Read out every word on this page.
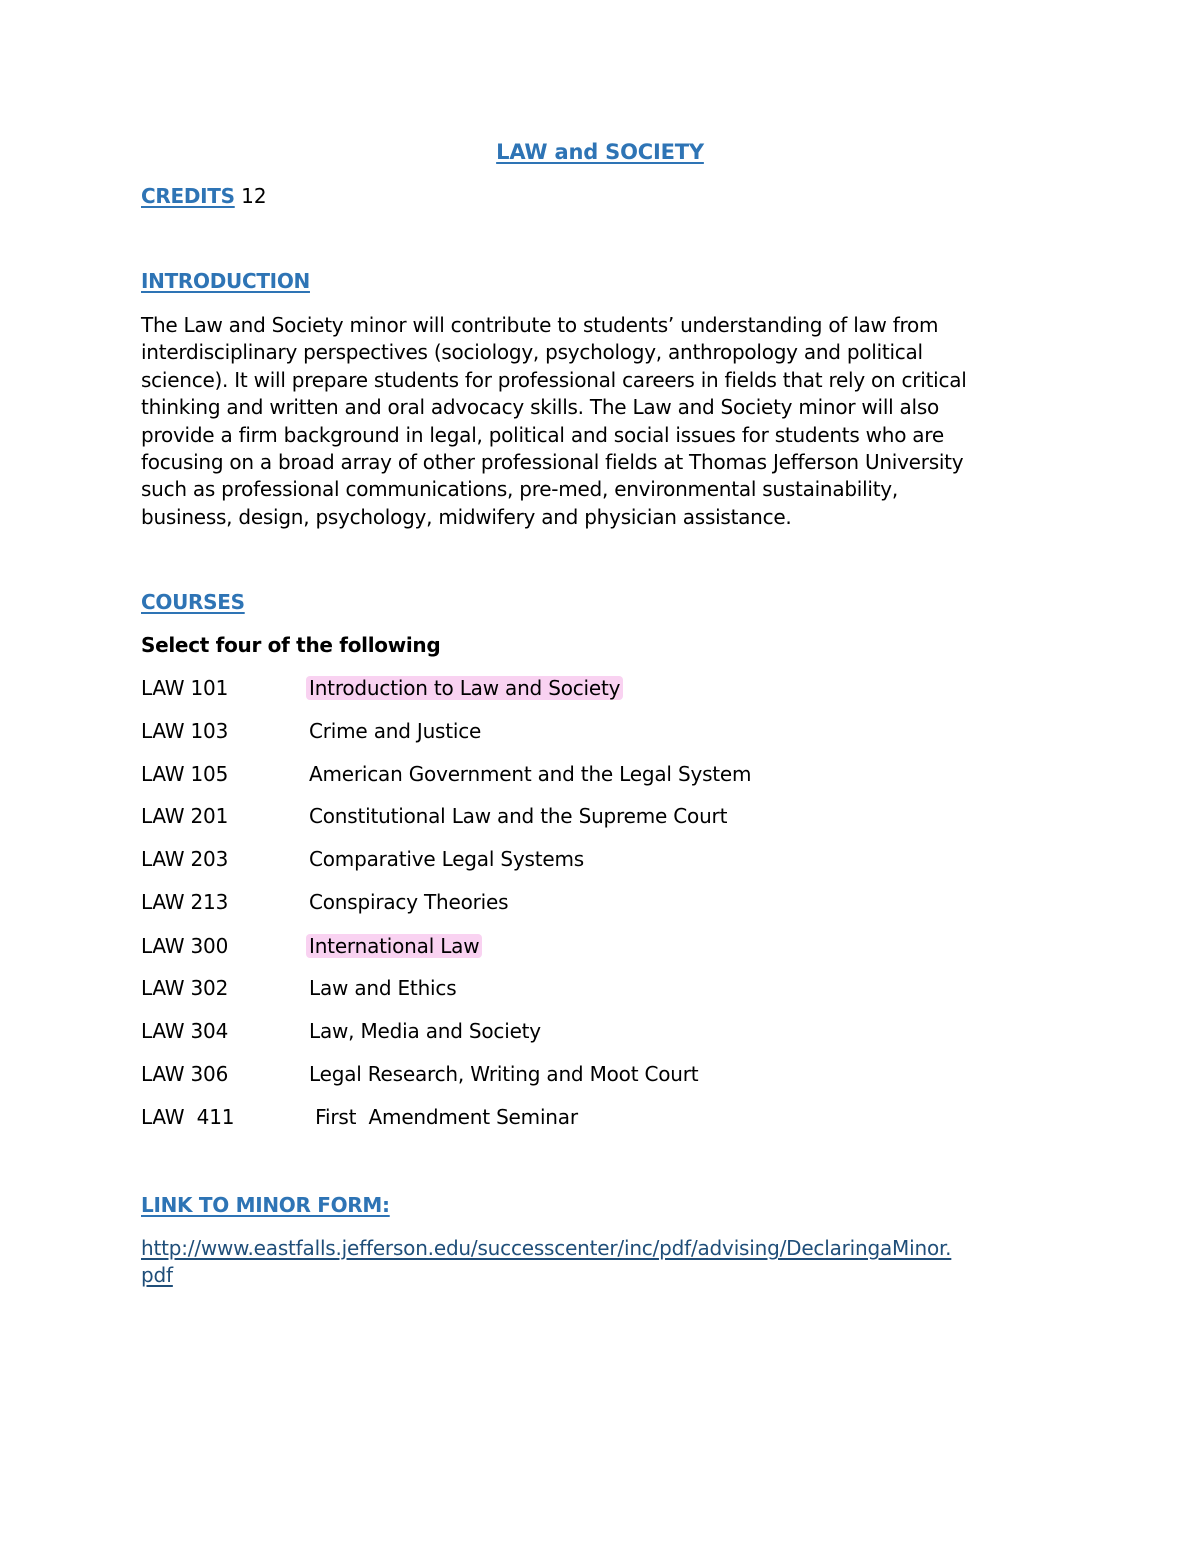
LAW and SOCIETY
CREDITS 12
INTRODUCTION
The Law and Society minor will contribute to students’ understanding of law from
interdisciplinary perspectives (sociology, psychology, anthropology and political
science). It will prepare students for professional careers in fields that rely on critical
thinking and written and oral advocacy skills. The Law and Society minor will also
provide a firm background in legal, political and social issues for students who are
focusing on a broad array of other professional fields at Thomas Jefferson University
such as professional communications, pre-med, environmental sustainability,
business, design, psychology, midwifery and physician assistance.
COURSES
Select four of the following
LAW 101	Introduction to Law and Society
LAW 103	Crime and Justice
LAW 105	American Government and the Legal System
LAW 201	Constitutional Law and the Supreme Court
LAW 203	Comparative Legal Systems
LAW 213	Conspiracy Theories
LAW 300	International Law
LAW 302	Law and Ethics
LAW 304	Law, Media and Society
LAW 306	Legal Research, Writing and Moot Court
LAW  411	First  Amendment Seminar
LINK TO MINOR FORM:
http://www.eastfalls.jefferson.edu/successcenter/inc/pdf/advising/DeclaringaMinor.
pdf
